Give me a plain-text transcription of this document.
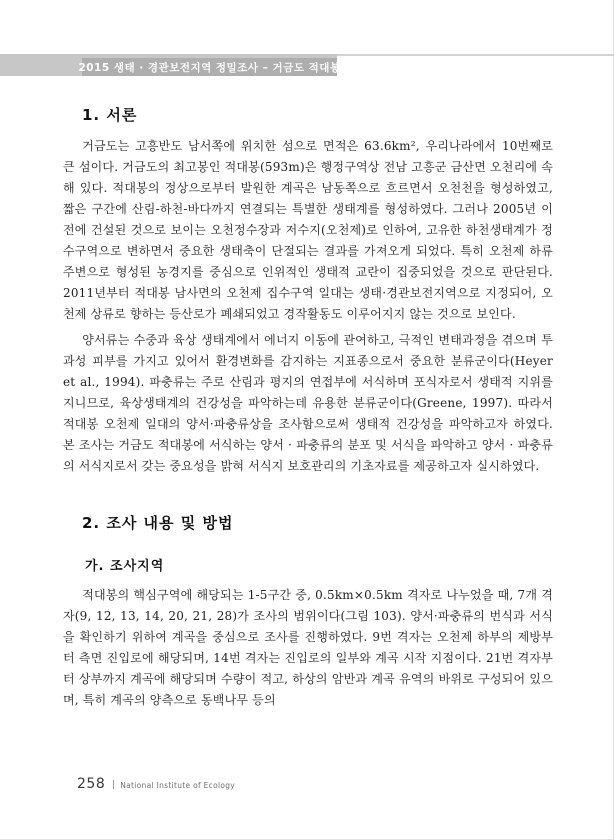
2015 생태 · 경관보전지역 정밀조사 – 거금도 적대봉
1. 서론

거금도는 고흥반도 남서쪽에 위치한 섬으로 면적은 63.6km², 우리나라에서 10번째로 큰 섬이다. 거금도의 최고봉인 적대봉(593m)은 행정구역상 전남 고흥군 금산면 오천리에 속해 있다. 적대봉의 정상으로부터 발원한 계곡은 남동쪽으로 흐르면서 오천천을 형성하였고, 짧은 구간에 산림-하천-바다까지 연결되는 특별한 생태계를 형성하였다. 그러나 2005년 이전에 건설된 것으로 보이는 오천정수장과 저수지(오천제)로 인하여, 고유한 하천생태계가 정수구역으로 변하면서 중요한 생태축이 단절되는 결과를 가져오게 되었다. 특히 오천제 하류 주변으로 형성된 농경지를 중심으로 인위적인 생태적 교란이 집중되었을 것으로 판단된다. 2011년부터 적대봉 남사면의 오천제 집수구역 일대는 생태·경관보전지역으로 지정되어, 오천제 상류로 향하는 등산로가 폐쇄되었고 경작활동도 이루어지지 않는 것으로 보인다.

양서류는 수중과 육상 생태계에서 에너지 이동에 관여하고, 극적인 변태과정을 겪으며 투과성 피부를 가지고 있어서 환경변화를 감지하는 지표종으로서 중요한 분류군이다(Heyer et al., 1994). 파충류는 주로 산림과 평지의 연접부에 서식하며 포식자로서 생태적 지위를 지니므로, 육상생태계의 건강성을 파악하는데 유용한 분류군이다(Greene, 1997). 따라서 적대봉 오천제 일대의 양서·파충류상을 조사함으로써 생태적 건강성을 파악하고자 하였다. 본 조사는 거금도 적대봉에 서식하는 양서 · 파충류의 분포 및 서식을 파악하고 양서 · 파충류의 서식지로서 갖는 중요성을 밝혀 서식지 보호관리의 기초자료를 제공하고자 실시하였다.

2. 조사 내용 및 방법
가. 조사지역

적대봉의 핵심구역에 해당되는 1-5구간 중, 0.5km×0.5km 격자로 나누었을 때, 7개 격자(9, 12, 13, 14, 20, 21, 28)가 조사의 범위이다(그림 103). 양서·파충류의 번식과 서식을 확인하기 위하여 계곡을 중심으로 조사를 진행하였다. 9번 격자는 오천제 하부의 제방부터 측면 진입로에 해당되며, 14번 격자는 진입로의 일부와 계곡 시작 지점이다. 21번 격자부터 상부까지 계곡에 해당되며 수량이 적고, 하상의 암반과 계곡 유역의 바위로 구성되어 있으며, 특히 계곡의 양측으로 동백나무 등의

258 National Institute of Ecology
